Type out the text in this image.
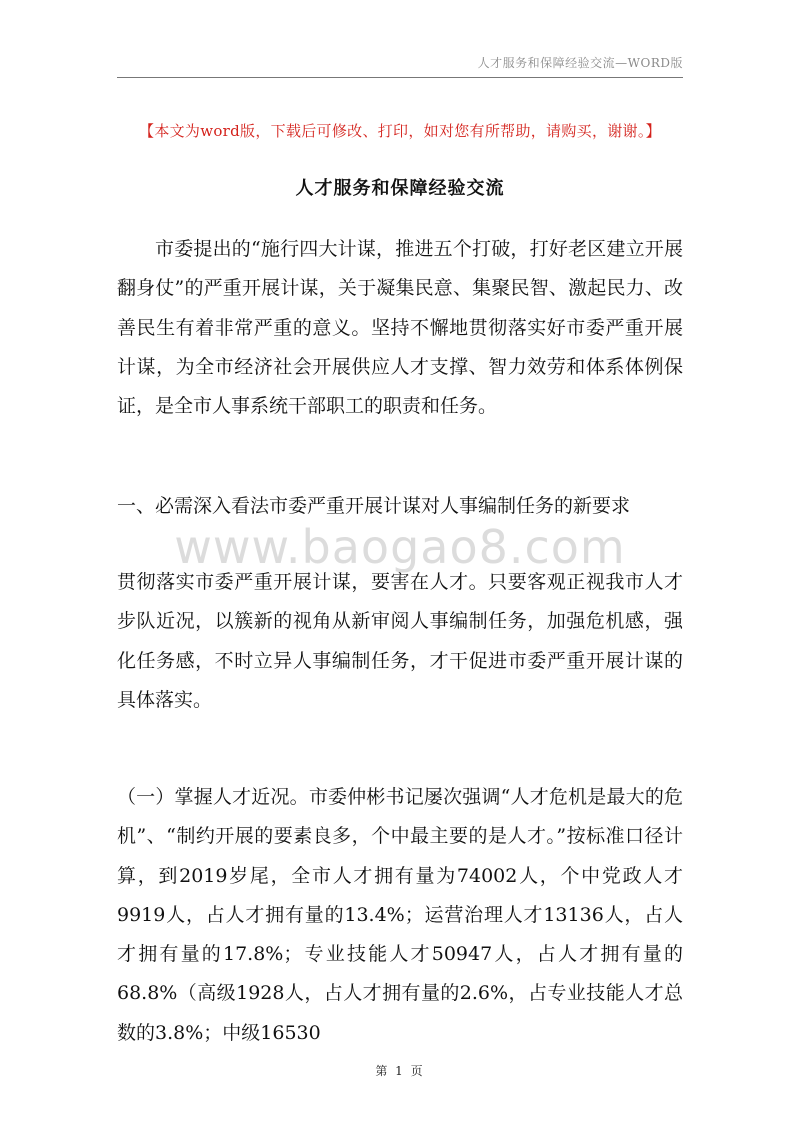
人才服务和保障经验交流—WORD版
【本文为word版，下载后可修改、打印，如对您有所帮助，请购买，谢谢。】
人才服务和保障经验交流

市委提出的“施行四大计谋，推进五个打破，打好老区建立开展翻身仗”的严重开展计谋，关于凝集民意、集聚民智、激起民力、改善民生有着非常严重的意义。坚持不懈地贯彻落实好市委严重开展计谋，为全市经济社会开展供应人才支撑、智力效劳和体系体例保证，是全市人事系统干部职工的职责和任务。

一、必需深入看法市委严重开展计谋对人事编制任务的新要求

www.baogao8.com

贯彻落实市委严重开展计谋，要害在人才。只要客观正视我市人才步队近况，以簇新的视角从新审阅人事编制任务，加强危机感，强化任务感，不时立异人事编制任务，才干促进市委严重开展计谋的具体落实。

（一）掌握人才近况。市委仲彬书记屡次强调“人才危机是最大的危机”、“制约开展的要素良多，个中最主要的是人才。”按标准口径计算，到2019岁尾，全市人才拥有量为74002人，个中党政人才9919人，占人才拥有量的13.4%；运营治理人才13136人，占人才拥有量的17.8%；专业技能人才50947人，占人才拥有量的68.8%（高级1928人，占人才拥有量的2.6%，占专业技能人才总数的3.8%；中级16530

第 1 页
